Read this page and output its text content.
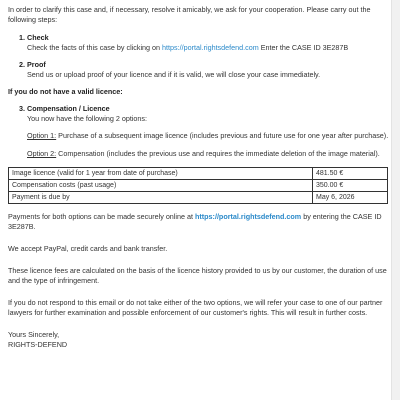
In order to clarify this case and, if necessary, resolve it amicably, we ask for your cooperation. Please carry out the following steps:

1. Check
Check the facts of this case by clicking on https://portal.rightsdefend.com Enter the CASE ID 3E287B
2. Proof
Send us or upload proof of your licence and if it is valid, we will close your case immediately.

If you do not have a valid licence:

3. Compensation / Licence
You now have the following 2 options:
Option 1: Purchase of a subsequent image licence (includes previous and future use for one year after purchase).
Option 2: Compensation (includes the previous use and requires the immediate deletion of the image material).
Image licence (valid for 1 year from date of purchase)	481.50 €
Compensation costs (past usage)	350.00 €
Payment is due by	May 6, 2026

Payments for both options can be made securely online at https://portal.rightsdefend.com by entering the CASE ID 3E287B.

We accept PayPal, credit cards and bank transfer.

These licence fees are calculated on the basis of the licence history provided to us by our customer, the duration of use and the type of infringement.

If you do not respond to this email or do not take either of the two options, we will refer your case to one of our partner lawyers for further examination and possible enforcement of our customer's rights. This will result in further costs.

Yours Sincerely,

RIGHTS-DEFEND
